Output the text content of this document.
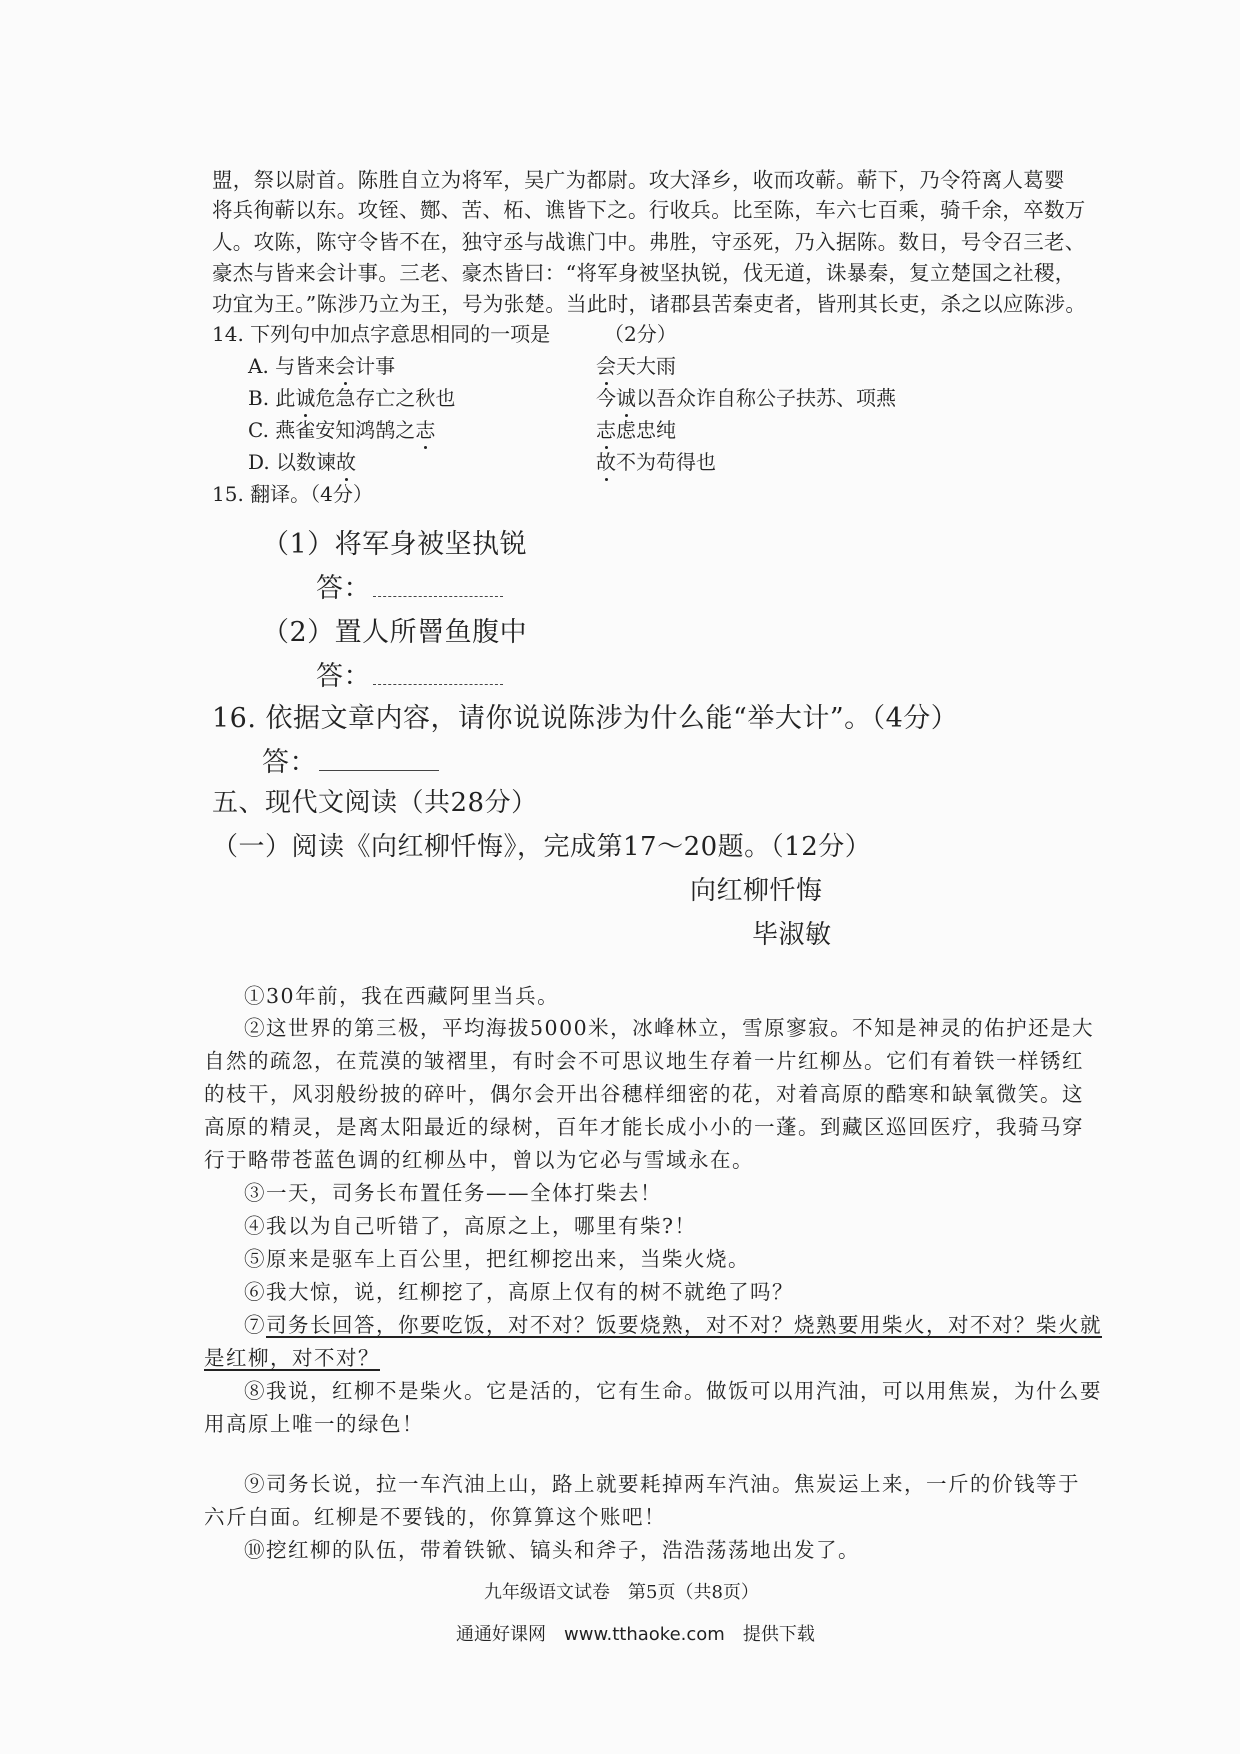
盟，祭以尉首。陈胜自立为将军，吴广为都尉。攻大泽乡，收而攻蕲。蕲下，乃令符离人葛婴
将兵徇蕲以东。攻铚、酂、苦、柘、谯皆下之。行收兵。比至陈，车六七百乘，骑千余，卒数万
人。攻陈，陈守令皆不在，独守丞与战谯门中。弗胜，守丞死，乃入据陈。数日，号令召三老、
豪杰与皆来会计事。三老、豪杰皆曰：“将军身被坚执锐，伐无道，诛暴秦，复立楚国之社稷，
功宜为王。”陈涉乃立为王，号为张楚。当此时，诸郡县苦秦吏者，皆刑其长吏，杀之以应陈涉。
14. 下列句中加点字意思相同的一项是	（2分）
A. 与皆来会计事	会天大雨
B. 此诚危急存亡之秋也	今诚以吾众诈自称公子扶苏、项燕
C. 燕雀安知鸿鹄之志	志虑忠纯
D. 以数谏故	故不为苟得也
15. 翻译。（4分）
（1）将军身被坚执锐
答：
（2）置人所罾鱼腹中
答：
16. 依据文章内容，请你说说陈涉为什么能“举大计”。（4分）
答：
五、现代文阅读（共28分）
（一）阅读《向红柳忏悔》，完成第17～20题。（12分）
向红柳忏悔
毕淑敏
①30年前，我在西藏阿里当兵。
②这世界的第三极，平均海拔5000米，冰峰林立，雪原寥寂。不知是神灵的佑护还是大
自然的疏忽，在荒漠的皱褶里，有时会不可思议地生存着一片红柳丛。它们有着铁一样锈红
的枝干，风羽般纷披的碎叶，偶尔会开出谷穗样细密的花，对着高原的酷寒和缺氧微笑。这
高原的精灵，是离太阳最近的绿树，百年才能长成小小的一蓬。到藏区巡回医疗，我骑马穿
行于略带苍蓝色调的红柳丛中，曾以为它必与雪域永在。
③一天，司务长布置任务——全体打柴去！
④我以为自己听错了，高原之上，哪里有柴?！
⑤原来是驱车上百公里，把红柳挖出来，当柴火烧。
⑥我大惊，说，红柳挖了，高原上仅有的树不就绝了吗？
⑦司务长回答，你要吃饭，对不对？饭要烧熟，对不对？烧熟要用柴火，对不对？柴火就
是红柳，对不对？
⑧我说，红柳不是柴火。它是活的，它有生命。做饭可以用汽油，可以用焦炭，为什么要
用高原上唯一的绿色！
⑨司务长说，拉一车汽油上山，路上就要耗掉两车汽油。焦炭运上来，一斤的价钱等于
六斤白面。红柳是不要钱的，你算算这个账吧！
⑩挖红柳的队伍，带着铁锨、镐头和斧子，浩浩荡荡地出发了。
九年级语文试卷　第5页（共8页）
通通好课网　www.tthaoke.com　提供下载
